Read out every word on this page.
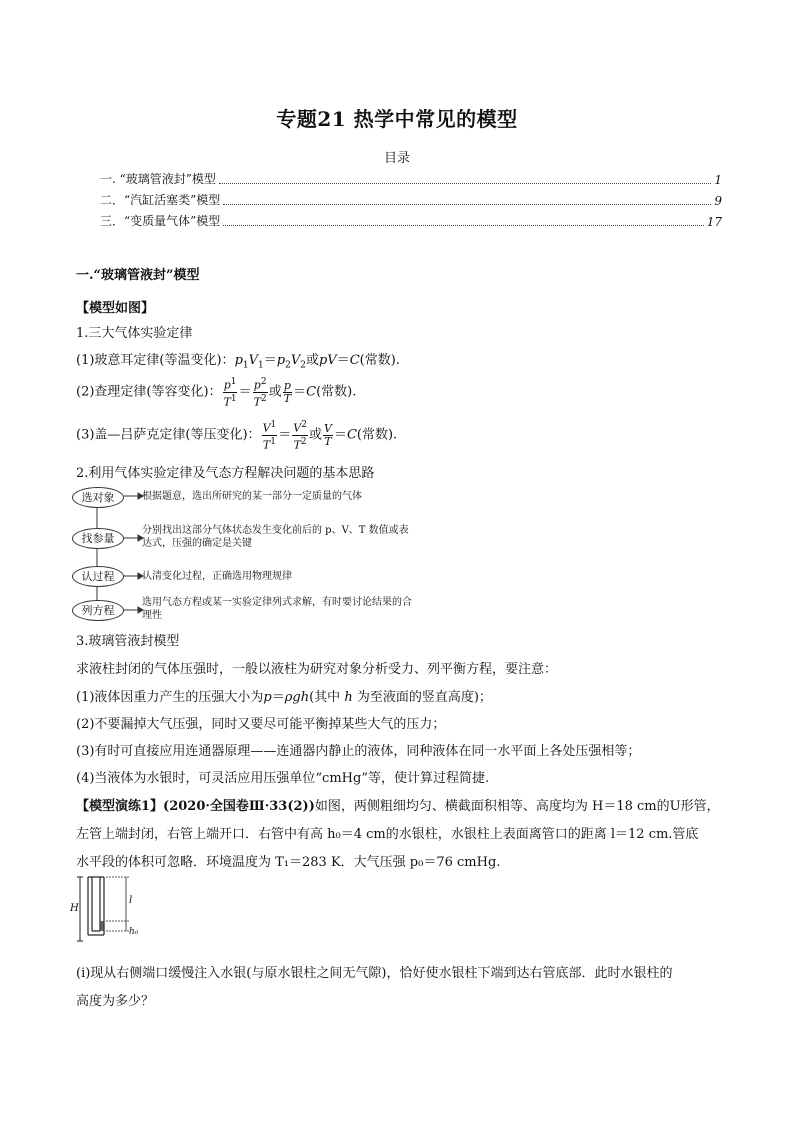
专题21 热学中常见的模型
目录
一. “玻璃管液封”模型	1
二．“汽缸活塞类”模型	9
三．“变质量气体”模型	17
一.“玻璃管液封”模型
【模型如图】
1.三大气体实验定律
(1)玻意耳定律(等温变化)：$p_1V_1=p_2V_2$或pV＝C(常数).
(2)查理定律(等容变化)： $\frac{p^1}{T^1} = \frac{p^2}{T^2}$ 或 $\frac{p}{T} =C$(常数).
(3)盖—吕萨克定律(等压变化)： $\frac{V^1}{T^1} = \frac{V^2}{T^2}$ 或 $\frac{V}{T} =C$(常数).
2.利用气体实验定律及气态方程解决问题的基本思路
选对象	根据题意，选出所研究的某一部分一定质量的气体
找参量
分别找出这部分气体状态发生变化前后的 p、V、T 数值或表达式，压强的确定是关键
认过程	认清变化过程，正确选用物理规律
列方程
选用气态方程或某一实验定律列式求解，有时要讨论结果的合理性
3.玻璃管液封模型
求液柱封闭的气体压强时，一般以液柱为研究对象分析受力、列平衡方程，要注意：
(1)液体因重力产生的压强大小为p＝ρgh(其中 h 为至液面的竖直高度)；
(2)不要漏掉大气压强，同时又要尽可能平衡掉某些大气的压力；
(3)有时可直接应用连通器原理——连通器内静止的液体，同种液体在同一水平面上各处压强相等；
(4)当液体为水银时，可灵活应用压强单位“cmHg”等，使计算过程简捷.
【模型演练1】(2020·全国卷Ⅲ·33(2))如图，两侧粗细均匀、横截面积相等、高度均为 H＝18 cm的U形管，
左管上端封闭，右管上端开口．右管中有高 h₀＝4 cm的水银柱，水银柱上表面离管口的距离 l＝12 cm.管底
水平段的体积可忽略．环境温度为 T₁＝283 K．大气压强 p₀＝76 cmHg.
H
l
h₀
(ⅰ)现从右侧端口缓慢注入水银(与原水银柱之间无气隙)，恰好使水银柱下端到达右管底部．此时水银柱的
高度为多少？
